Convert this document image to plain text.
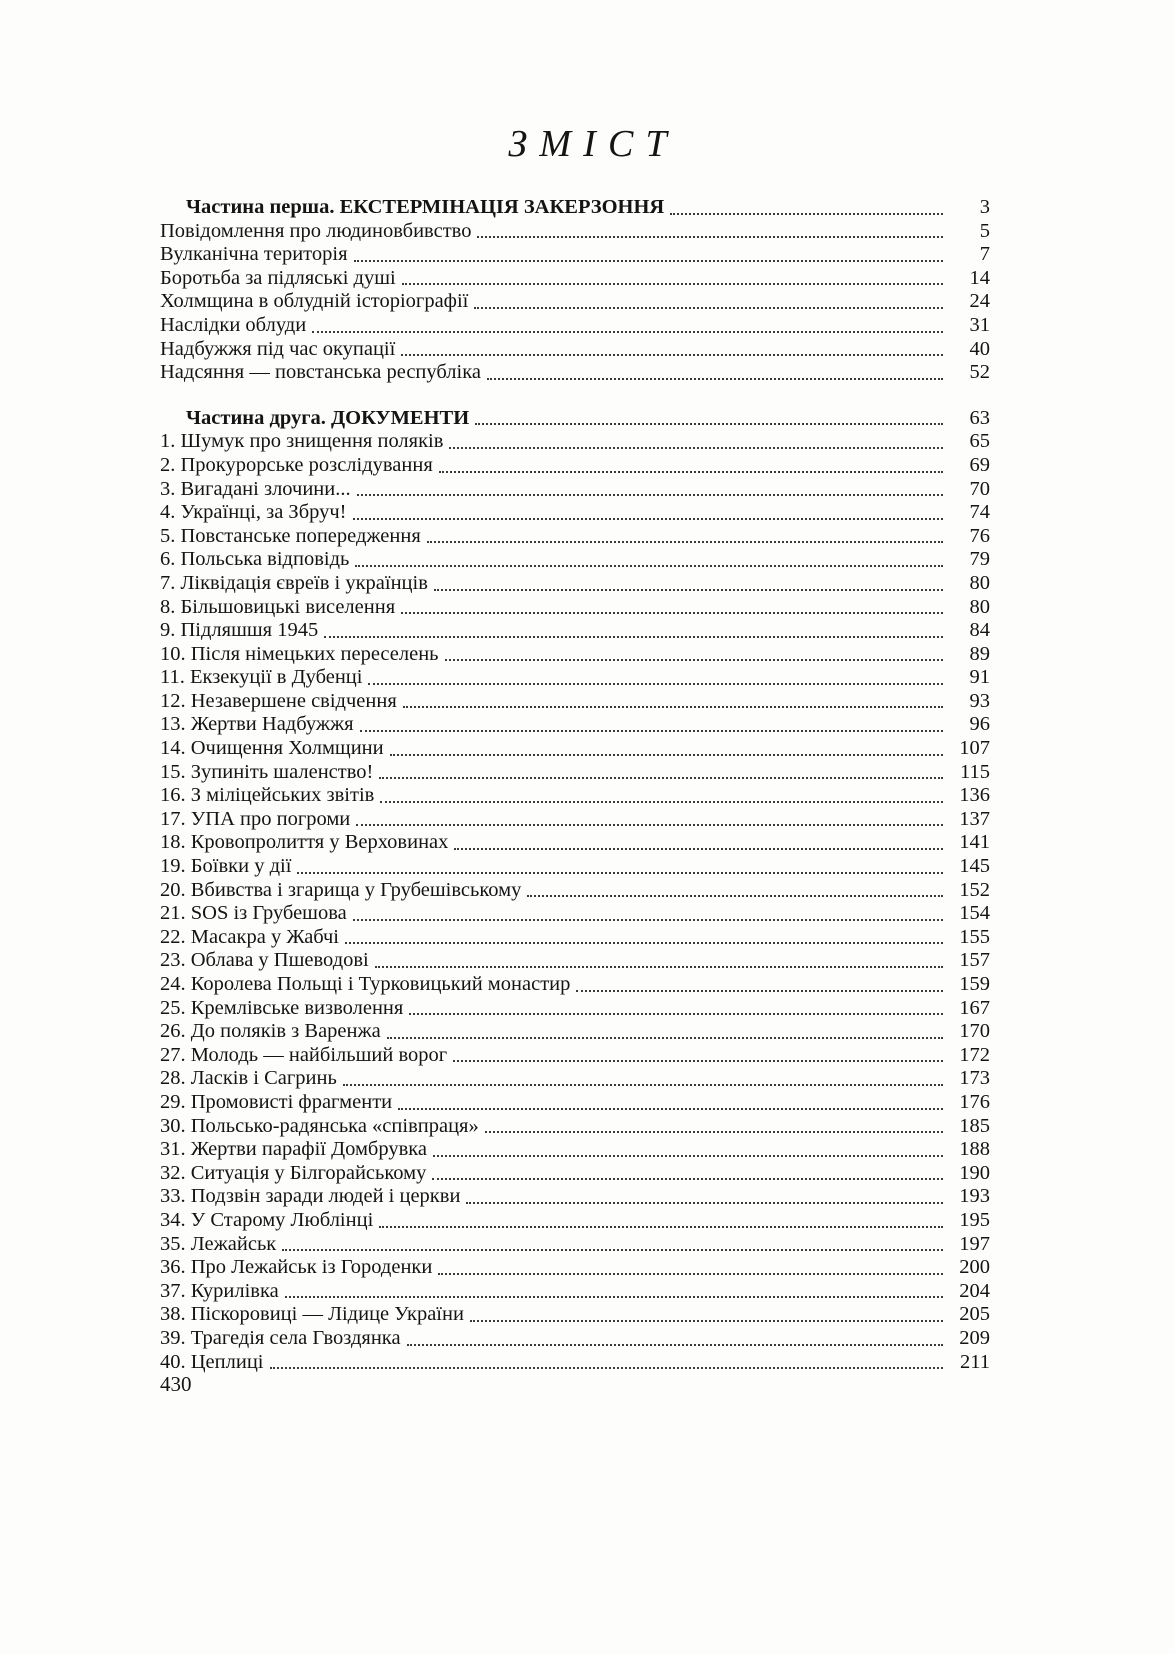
ЗМІСТ
Частина перша. ЕКСТЕРМІНАЦІЯ ЗАКЕРЗОННЯ	3
Повідомлення про людиновбивство	5
Вулканічна територія	7
Боротьба за підляські душі	14
Холмщина в облудній історіографії	24
Наслідки облуди	31
Надбужжя під час окупації	40
Надсяння — повстанська республіка	52
Частина друга. ДОКУМЕНТИ	63
1. Шумук про знищення поляків	65
2. Прокурорське розслідування	69
3. Вигадані злочини...	70
4. Українці, за Збруч!	74
5. Повстанське попередження	76
6. Польська відповідь	79
7. Ліквідація євреїв і українців	80
8. Більшовицькі виселення	80
9. Підляшшя 1945	84
10. Після німецьких переселень	89
11. Екзекуції в Дубенці	91
12. Незавершене свідчення	93
13. Жертви Надбужжя	96
14. Очищення Холмщини	107
15. Зупиніть шаленство!	115
16. З міліцейських звітів	136
17. УПА про погроми	137
18. Кровопролиття у Верховинах	141
19. Боївки у дії	145
20. Вбивства і згарища у Грубешівському	152
21. SOS із Грубешова	154
22. Масакра у Жабчі	155
23. Облава у Пшеводові	157
24. Королева Польщі і Турковицький монастир	159
25. Кремлівське визволення	167
26. До поляків з Варенжа	170
27. Молодь — найбільший ворог	172
28. Ласків і Сагринь	173
29. Промовисті фрагменти	176
30. Польсько-радянська «співпраця»	185
31. Жертви парафії Домбрувка	188
32. Ситуація у Білгорайському	190
33. Подзвін заради людей і церкви	193
34. У Старому Люблінці	195
35. Лежайськ	197
36. Про Лежайськ із Городенки	200
37. Курилівка	204
38. Піскоровиці — Лідице України	205
39. Трагедія села Гвоздянка	209
40. Цеплиці	211
430
